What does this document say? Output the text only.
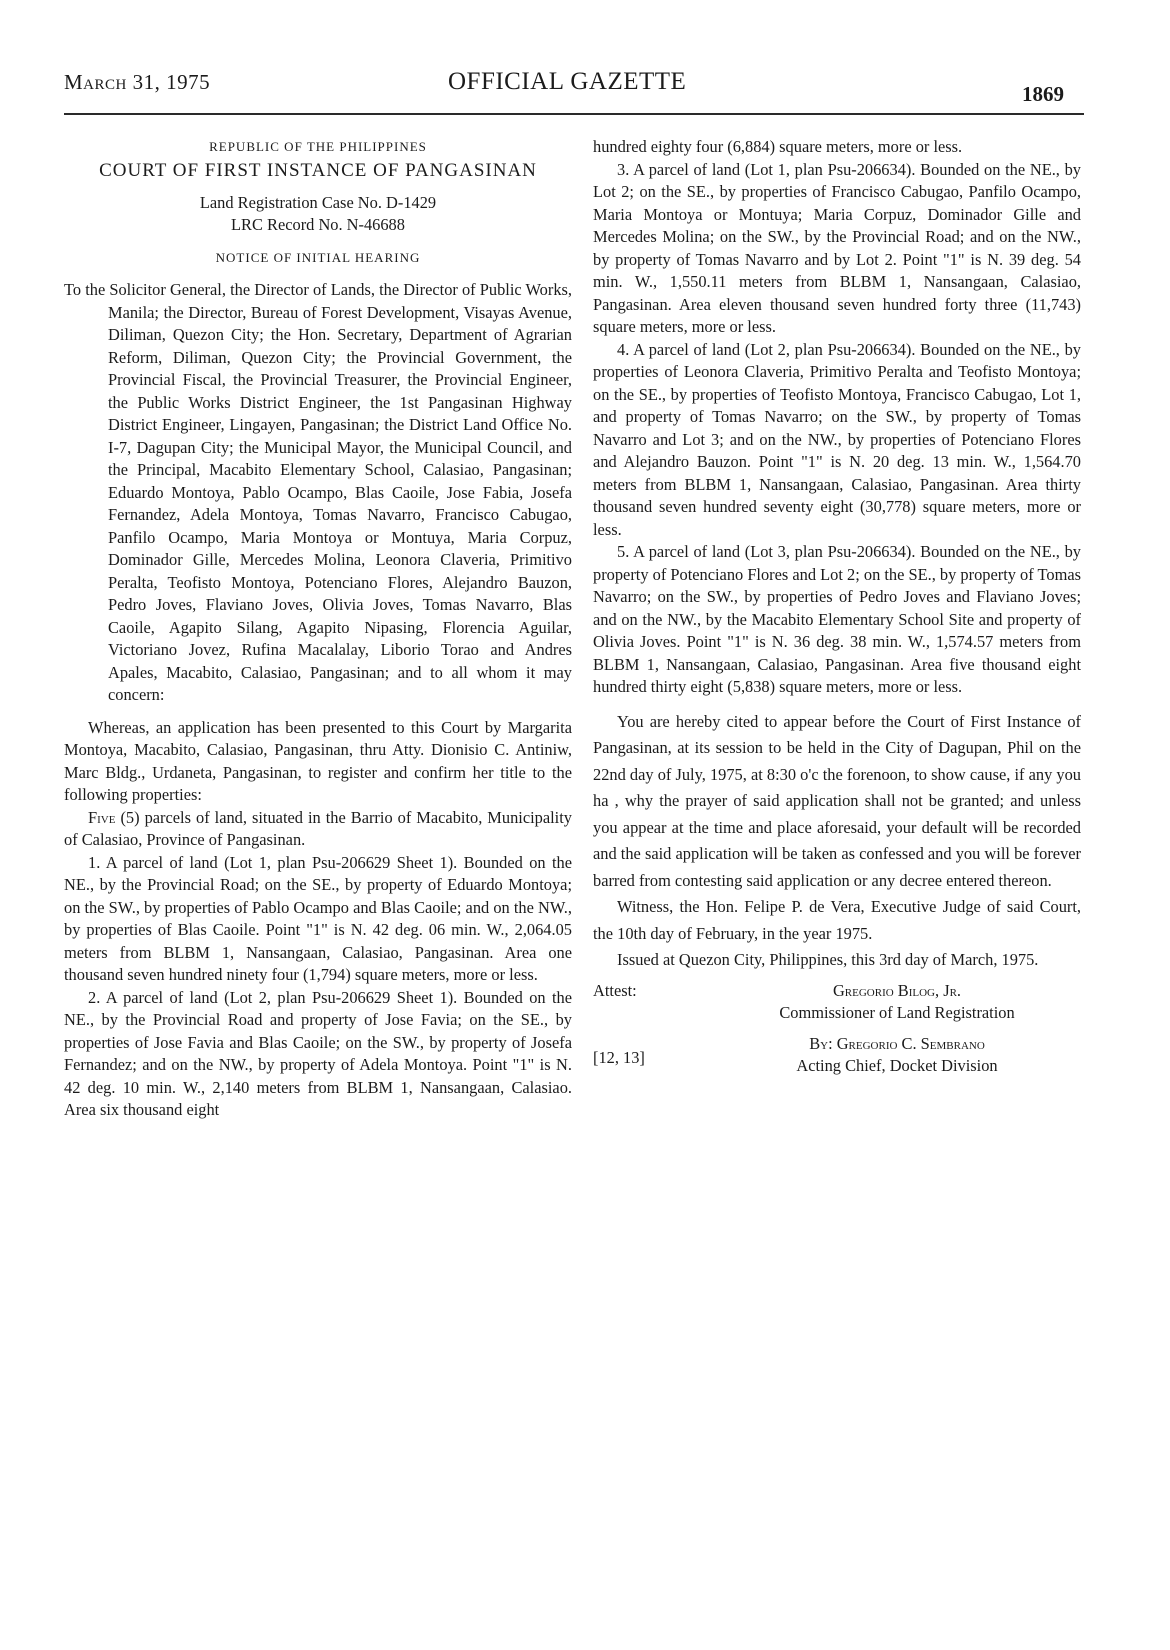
March 31, 1975	OFFICIAL GAZETTE	1869

REPUBLIC OF THE PHILIPPINES

COURT OF FIRST INSTANCE OF PANGASINAN

Land Registration Case No. D-1429

LRC Record No. N-46688

NOTICE OF INITIAL HEARING

To the Solicitor General, the Director of Lands, the Director of Public Works, Manila; the Director, Bureau of Forest Development, Visayas Avenue, Diliman, Quezon City; the Hon. Secretary, Department of Agrarian Reform, Diliman, Quezon City; the Provincial Government, the Provincial Fiscal, the Provincial Treasurer, the Provincial Engineer, the Public Works District Engineer, the 1st Pangasinan Highway District Engineer, Lingayen, Pangasinan; the District Land Office No. I-7, Dagupan City; the Municipal Mayor, the Municipal Council, and the Principal, Macabito Elementary School, Calasiao, Pangasinan; Eduardo Montoya, Pablo Ocampo, Blas Caoile, Jose Fabia, Josefa Fernandez, Adela Montoya, Tomas Navarro, Francisco Cabugao, Panfilo Ocampo, Maria Montoya or Montuya, Maria Corpuz, Dominador Gille, Mercedes Molina, Leonora Claveria, Primitivo Peralta, Teofisto Montoya, Potenciano Flores, Alejandro Bauzon, Pedro Joves, Flaviano Joves, Olivia Joves, Tomas Navarro, Blas Caoile, Agapito Silang, Agapito Nipasing, Florencia Aguilar, Victoriano Jovez, Rufina Macalalay, Liborio Torao and Andres Apales, Macabito, Calasiao, Pangasinan; and to all whom it may concern:

Whereas, an application has been presented to this Court by Margarita Montoya, Macabito, Calasiao, Pangasinan, thru Atty. Dionisio C. Antiniw, Marc Bldg., Urdaneta, Pangasinan, to register and confirm her title to the following properties:

Five (5) parcels of land, situated in the Barrio of Macabito, Municipality of Calasiao, Province of Pangasinan.

1. A parcel of land (Lot 1, plan Psu-206629 Sheet 1). Bounded on the NE., by the Provincial Road; on the SE., by property of Eduardo Montoya; on the SW., by properties of Pablo Ocampo and Blas Caoile; and on the NW., by properties of Blas Caoile. Point "1" is N. 42 deg. 06 min. W., 2,064.05 meters from BLBM 1, Nansangaan, Calasiao, Pangasinan. Area one thousand seven hundred ninety four (1,794) square meters, more or less.

2. A parcel of land (Lot 2, plan Psu-206629 Sheet 1). Bounded on the NE., by the Provincial Road and property of Jose Favia; on the SE., by properties of Jose Favia and Blas Caoile; on the SW., by property of Josefa Fernandez; and on the NW., by property of Adela Montoya. Point "1" is N. 42 deg. 10 min. W., 2,140 meters from BLBM 1, Nansangaan, Calasiao. Area six thousand eight

hundred eighty four (6,884) square meters, more or less.

3. A parcel of land (Lot 1, plan Psu-206634). Bounded on the NE., by Lot 2; on the SE., by properties of Francisco Cabugao, Panfilo Ocampo, Maria Montoya or Montuya; Maria Corpuz, Dominador Gille and Mercedes Molina; on the SW., by the Provincial Road; and on the NW., by property of Tomas Navarro and by Lot 2. Point "1" is N. 39 deg. 54 min. W., 1,550.11 meters from BLBM 1, Nansangaan, Calasiao, Pangasinan. Area eleven thousand seven hundred forty three (11,743) square meters, more or less.

4. A parcel of land (Lot 2, plan Psu-206634). Bounded on the NE., by properties of Leonora Claveria, Primitivo Peralta and Teofisto Montoya; on the SE., by properties of Teofisto Montoya, Francisco Cabugao, Lot 1, and property of Tomas Navarro; on the SW., by property of Tomas Navarro and Lot 3; and on the NW., by properties of Potenciano Flores and Alejandro Bauzon. Point "1" is N. 20 deg. 13 min. W., 1,564.70 meters from BLBM 1, Nansangaan, Calasiao, Pangasinan. Area thirty thousand seven hundred seventy eight (30,778) square meters, more or less.

5. A parcel of land (Lot 3, plan Psu-206634). Bounded on the NE., by property of Potenciano Flores and Lot 2; on the SE., by property of Tomas Navarro; on the SW., by properties of Pedro Joves and Flaviano Joves; and on the NW., by the Macabito Elementary School Site and property of Olivia Joves. Point "1" is N. 36 deg. 38 min. W., 1,574.57 meters from BLBM 1, Nansangaan, Calasiao, Pangasinan. Area five thousand eight hundred thirty eight (5,838) square meters, more or less.

You are hereby cited to appear before the Court of First Instance of Pangasinan, at its session to be held in the City of Dagupan, Phil on the 22nd day of July, 1975, at 8:30 o'c the forenoon, to show cause, if any you ha , why the prayer of said application shall not be granted; and unless you appear at the time and place aforesaid, your default will be recorded and the said application will be taken as confessed and you will be forever barred from contesting said application or any decree entered thereon.

Witness, the Hon. Felipe P. de Vera, Executive Judge of said Court, the 10th day of February, in the year 1975.

Issued at Quezon City, Philippines, this 3rd day of March, 1975.

Attest:	Gregorio Bilog, Jr.
Commissioner of Land Registration

[12, 13]	By: Gregorio C. Sembrano
Acting Chief, Docket Division
